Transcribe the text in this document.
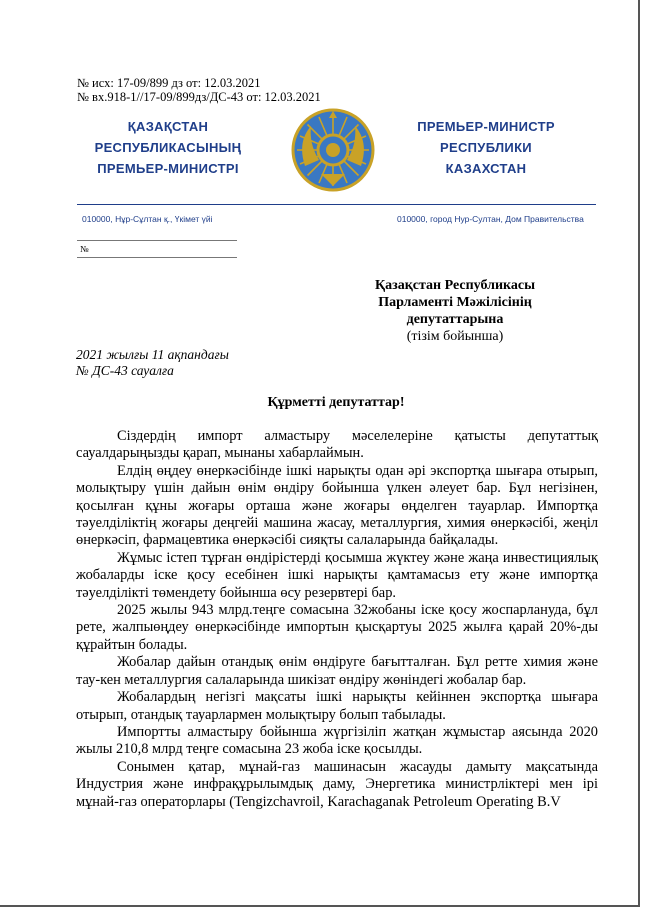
№ исх: 17-09/899 дз от: 12.03.2021
№ вх.918-1//17-09/899дз/ДС-43 от: 12.03.2021
ҚАЗАҚСТАН
РЕСПУБЛИКАСЫНЫҢ
ПРЕМЬЕР-МИНИСТРІ
ПРЕМЬЕР-МИНИСТР
РЕСПУБЛИКИ
КАЗАХСТАН
010000, Нұр-Сұлтан қ., Үкімет үйі	010000, город Нур-Султан, Дом Правительства
№
Қазақстан Республикасы
Парламенті Мәжілісінің
депутаттарына
(тізім бойынша)
2021 жылғы 11 ақпандағы
№ ДС-43 сауалға
Құрметті депутаттар!

Сіздердің импорт алмастыру мәселелеріне қатысты депутаттық сауалдарыңызды қарап, мынаны хабарлаймын.

Елдің өңдеу өнеркәсібінде ішкі нарықты одан әрі экспортқа шығара отырып, молықтыру үшін дайын өнім өндіру бойынша үлкен әлеует бар. Бұл негізінен, қосылған құны жоғары орташа және жоғары өңделген тауарлар. Импортқа тәуелділіктің жоғары деңгейі машина жасау, металлургия, химия өнеркәсібі, жеңіл өнеркәсіп, фармацевтика өнеркәсібі сияқты салаларында байқалады.

Жұмыс істеп тұрған өндірістерді қосымша жүктеу және жаңа инвестициялық жобаларды іске қосу есебінен ішкі нарықты қамтамасыз ету және импортқа тәуелділікті төмендету бойынша өсу резервтері бар.

2025 жылы 943 млрд.теңге сомасына 32жобаны іске қосу жоспарлануда, бұл рете, жалпыөңдеу өнеркәсібінде импортын қысқартуы 2025 жылға қарай 20%-ды құрайтын болады.

Жобалар дайын отандық өнім өндіруге бағытталған. Бұл ретте химия және тау-кен металлургия салаларында шикізат өндіру жөніндегі жобалар бар.

Жобалардың негізгі мақсаты ішкі нарықты кейіннен экспортқа шығара отырып, отандық тауарлармен молықтыру болып табылады.

Импортты алмастыру бойынша жүргізіліп жатқан жұмыстар аясында 2020 жылы 210,8 млрд теңге сомасына 23 жоба іске қосылды.

Сонымен қатар, мұнай-газ машинасын жасауды дамыту мақсатында Индустрия және инфрақұрылымдық даму, Энергетика министрліктері мен ірі мұнай-газ операторлары (Tengizchavroil, Karachaganak Petroleum Operating B.V
